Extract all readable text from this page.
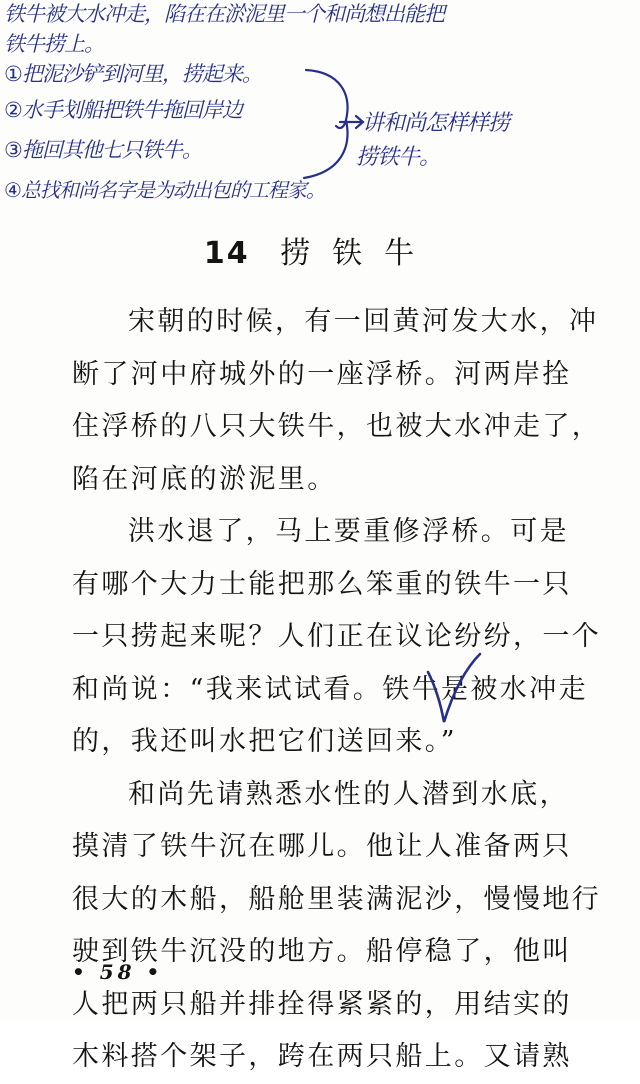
铁牛被大水冲走，陷在在淤泥里一个和尚想出能把
铁牛捞上。
①把泥沙铲到河里，捞起来。
②水手划船把铁牛拖回岸边
③拖回其他七只铁牛。
④总找和尚名字是为动出包的工程家。
讲和尚怎样样捞
捞铁牛。
14 捞铁牛
宋朝的时候，有一回黄河发大水，冲
断了河中府城外的一座浮桥。河两岸拴
住浮桥的八只大铁牛，也被大水冲走了，
陷在河底的淤泥里。
洪水退了，马上要重修浮桥。可是
有哪个大力士能把那么笨重的铁牛一只
一只捞起来呢？人们正在议论纷纷，一个
和尚说：“我来试试看。铁牛是被水冲走
的，我还叫水把它们送回来。”
和尚先请熟悉水性的人潜到水底，
摸清了铁牛沉在哪儿。他让人准备两只
很大的木船，船舱里装满泥沙，慢慢地行
驶到铁牛沉没的地方。船停稳了，他叫
人把两只船并排拴得紧紧的，用结实的
木料搭个架子，跨在两只船上。又请熟
• 58 •
